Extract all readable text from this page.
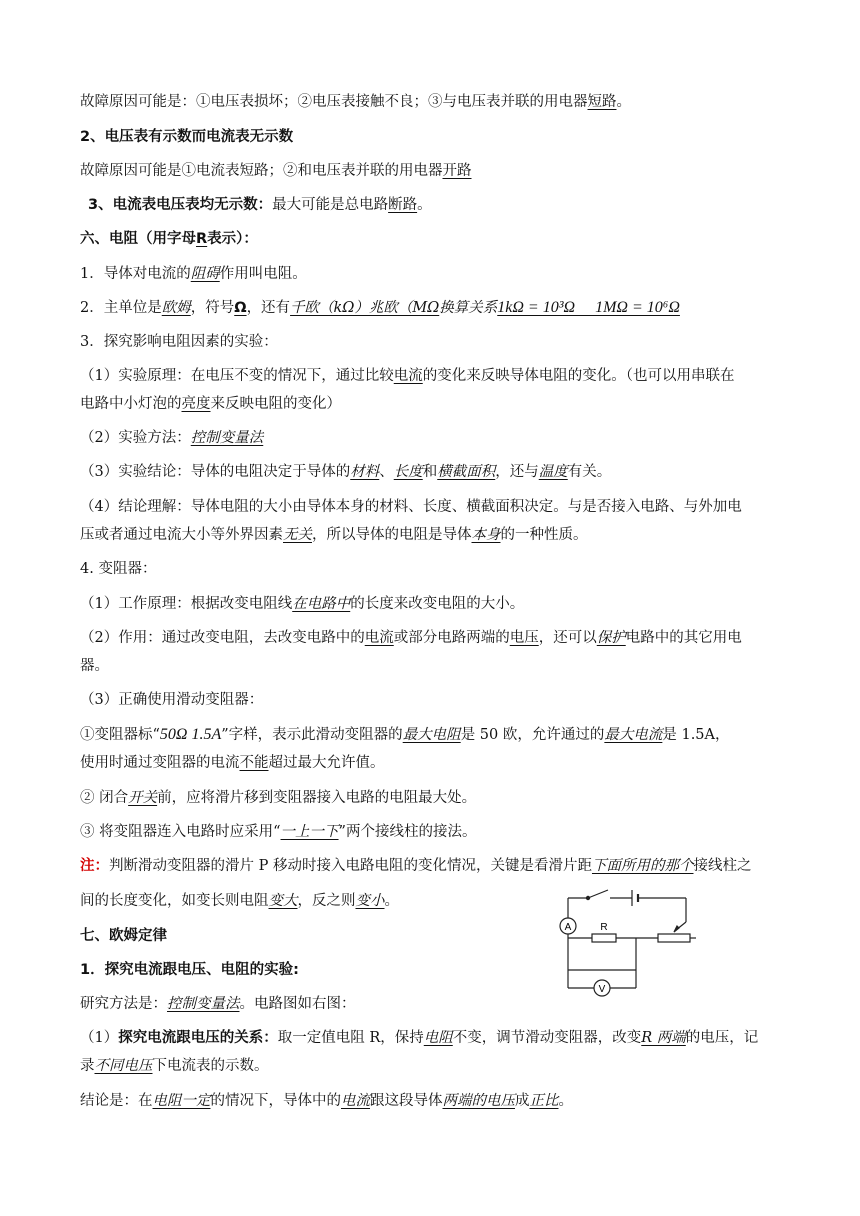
故障原因可能是：①电压表损坏；②电压表接触不良；③与电压表并联的用电器短路。
2、电压表有示数而电流表无示数
故障原因可能是①电流表短路；②和电压表并联的用电器开路
3、电流表电压表均无示数：最大可能是总电路断路。
六、电阻（用字母R表示）：
1．导体对电流的阻碍作用叫电阻。
2．主单位是欧姆，符号Ω，还有千欧（kΩ）兆欧（MΩ换算关系1kΩ = 10³Ω　 1MΩ = 10⁶Ω
3．探究影响电阻因素的实验：
（1）实验原理：在电压不变的情况下，通过比较电流的变化来反映导体电阻的变化。（也可以用串联在
电路中小灯泡的亮度来反映电阻的变化）
（2）实验方法：控制变量法
（3）实验结论：导体的电阻决定于导体的材料、长度和横截面积，还与温度有关。
（4）结论理解：导体电阻的大小由导体本身的材料、长度、横截面积决定。与是否接入电路、与外加电
压或者通过电流大小等外界因素无关，所以导体的电阻是导体本身的一种性质。
4. 变阻器：
（1）工作原理：根据改变电阻线在电路中的长度来改变电阻的大小。
（2）作用：通过改变电阻，去改变电路中的电流或部分电路两端的电压，还可以保护电路中的其它用电
器。
（3）正确使用滑动变阻器：
①变阻器标“50Ω 1.5A”字样，表示此滑动变阻器的最大电阻是 50 欧，允许通过的最大电流是 1.5A，
使用时通过变阻器的电流不能超过最大允许值。
② 闭合开关前，应将滑片移到变阻器接入电路的电阻最大处。
③ 将变阻器连入电路时应采用“一上一下”两个接线柱的接法。
注：判断滑动变阻器的滑片 P 移动时接入电路电阻的变化情况，关键是看滑片距下面所用的那个接线柱之
间的长度变化，如变长则电阻变大，反之则变小。
七、欧姆定律
1．探究电流跟电压、电阻的实验:
研究方法是：控制变量法。电路图如右图：
（1）探究电流跟电压的关系：取一定值电阻 R，保持电阻不变，调节滑动变阻器，改变R 两端的电压，记
录不同电压下电流表的示数。
结论是：在电阻一定的情况下，导体中的电流跟这段导体两端的电压成正比。
A
V
R
